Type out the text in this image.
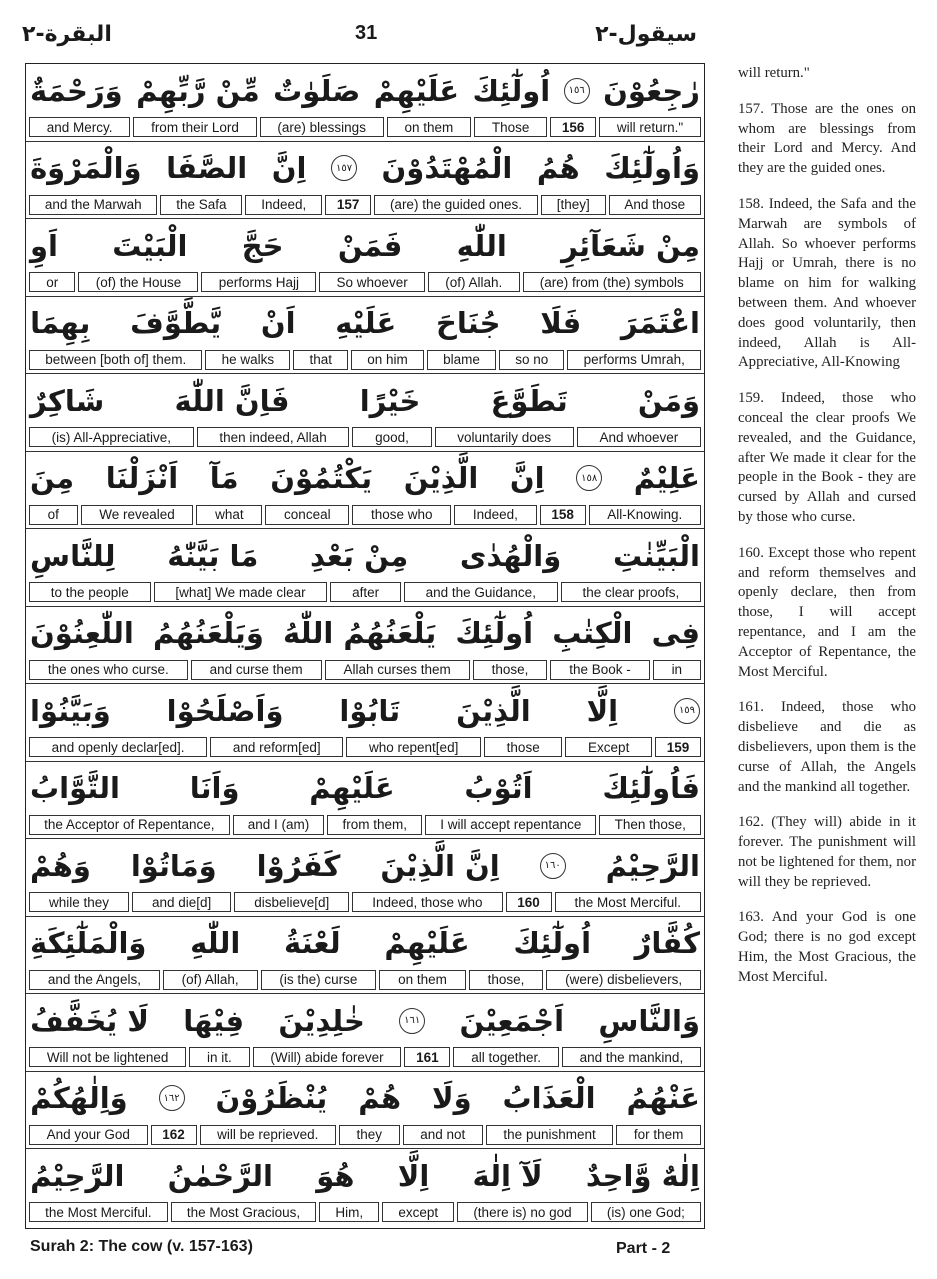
سیقول-٢
31
البقرة-٢
رٰجِعُوْنَ
١٥٦
اُولٰٓئِكَ
عَلَيْهِمْ
صَلَوٰتٌ
مِّنْ رَّبِّهِمْ
وَرَحْمَةٌ
will return."
156
Those
on them
(are) blessings
from their Lord
and Mercy.
وَاُولٰٓئِكَ
هُمُ
الْمُهْتَدُوْنَ
١٥٧
اِنَّ
الصَّفَا
وَالْمَرْوَةَ
And those
[they]
(are) the guided ones.
157
Indeed,
the Safa
and the Marwah
مِنْ شَعَآئِرِ
اللّٰهِ
فَمَنْ
حَجَّ
الْبَيْتَ
اَوِ
(are) from (the) symbols
(of) Allah.
So whoever
performs Hajj
(of) the House
or
اعْتَمَرَ
فَلَا
جُنَاحَ
عَلَيْهِ
اَنْ
يَّطَّوَّفَ
بِهِمَا
performs Umrah,
so no
blame
on him
that
he walks
between [both of] them.
وَمَنْ
تَطَوَّعَ
خَيْرًا
فَاِنَّ اللّٰهَ
شَاكِرٌ
And whoever
voluntarily does
good,
then indeed, Allah
(is) All-Appreciative,
عَلِيْمٌ
١٥٨
اِنَّ
الَّذِيْنَ
يَكْتُمُوْنَ
مَآ
اَنْزَلْنَا
مِنَ
All-Knowing.
158
Indeed,
those who
conceal
what
We revealed
of
الْبَيِّنٰتِ
وَالْهُدٰى
مِنْ بَعْدِ
مَا بَيَّنّٰهُ
لِلنَّاسِ
the clear proofs,
and the Guidance,
after
[what] We made clear
to the people
فِى
الْكِتٰبِ
اُولٰٓئِكَ
يَلْعَنُهُمُ اللّٰهُ
وَيَلْعَنُهُمُ
اللّٰعِنُوْنَ
in
the Book -
those,
Allah curses them
and curse them
the ones who curse.
١٥٩
اِلَّا
الَّذِيْنَ
تَابُوْا
وَاَصْلَحُوْا
وَبَيَّنُوْا
159
Except
those
who repent[ed]
and reform[ed]
and openly declar[ed].
فَاُولٰٓئِكَ
اَتُوْبُ
عَلَيْهِمْ
وَاَنَا
التَّوَّابُ
Then those,
I will accept repentance
from them,
and I (am)
the Acceptor of Repentance,
الرَّحِيْمُ
١٦٠
اِنَّ الَّذِيْنَ
كَفَرُوْا
وَمَاتُوْا
وَهُمْ
the Most Merciful.
160
Indeed, those who
disbelieve[d]
and die[d]
while they
كُفَّارٌ
اُولٰٓئِكَ
عَلَيْهِمْ
لَعْنَةُ
اللّٰهِ
وَالْمَلٰٓئِكَةِ
(were) disbelievers,
those,
on them
(is the) curse
(of) Allah,
and the Angels,
وَالنَّاسِ
اَجْمَعِيْنَ
١٦١
خٰلِدِيْنَ
فِيْهَا
لَا يُخَفَّفُ
and the mankind,
all together.
161
(Will) abide forever
in it.
Will not be lightened
عَنْهُمُ
الْعَذَابُ
وَلَا
هُمْ
يُنْظَرُوْنَ
١٦٢
وَاِلٰهُكُمْ
for them
the punishment
and not
they
will be reprieved.
162
And your God
اِلٰهٌ وَّاحِدٌ
لَآ اِلٰهَ
اِلَّا
هُوَ
الرَّحْمٰنُ
الرَّحِيْمُ
(is) one God;
(there is) no god
except
Him,
the Most Gracious,
the Most Merciful.

will return."

157. Those are the ones on whom are blessings from their Lord and Mercy. And they are the guided ones.

158. Indeed, the Safa and the Marwah are symbols of Allah. So whoever performs Hajj or Umrah, there is no blame on him for walking between them. And whoever does good voluntarily, then indeed, Allah is All-Appreciative, All-Knowing

159. Indeed, those who conceal the clear proofs We revealed, and the Guidance, after We made it clear for the people in the Book - they are cursed by Allah and cursed by those who curse.

160. Except those who repent and reform themselves and openly declare, then from those, I will accept repentance, and I am the Acceptor of Repentance, the Most Merciful.

161. Indeed, those who disbelieve and die as disbelievers, upon them is the curse of Allah, the Angels and the mankind all together.

162. (They will) abide in it forever. The punishment will not be lightened for them, nor will they be reprieved.

163. And your God is one God; there is no god except Him, the Most Gracious, the Most Merciful.

Surah 2: The cow (v. 157-163)	Part - 2
